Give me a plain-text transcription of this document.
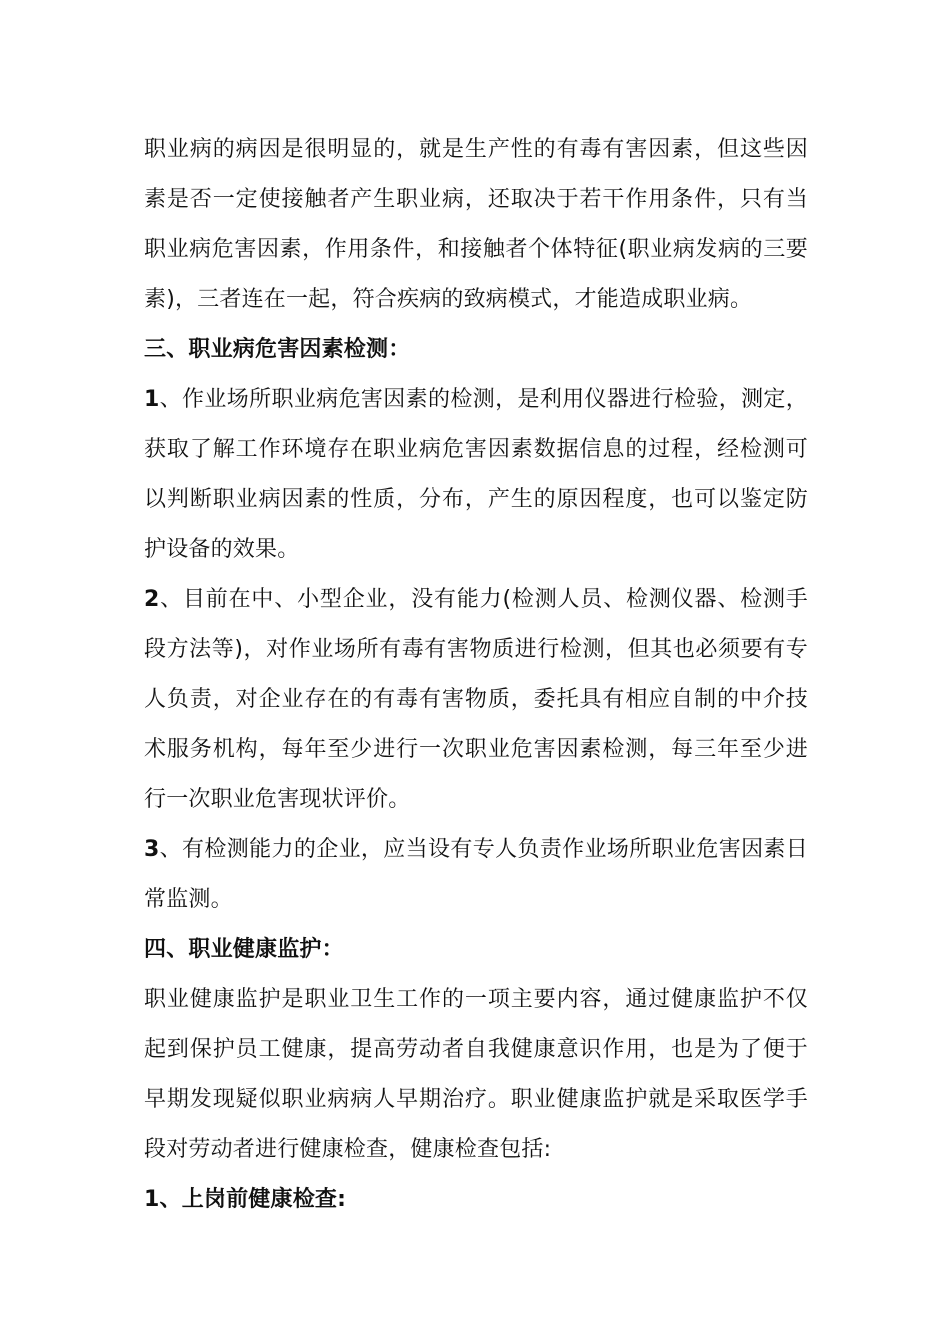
职业病的病因是很明显的，就是生产性的有毒有害因素，但这些因素是否一定使接触者产生职业病，还取决于若干作用条件，只有当职业病危害因素，作用条件，和接触者个体特征(职业病发病的三要素)，三者连在一起，符合疾病的致病模式，才能造成职业病。

三、职业病危害因素检测：

1、作业场所职业病危害因素的检测，是利用仪器进行检验，测定，获取了解工作环境存在职业病危害因素数据信息的过程，经检测可以判断职业病因素的性质，分布，产生的原因程度，也可以鉴定防护设备的效果。

2、目前在中、小型企业，没有能力(检测人员、检测仪器、检测手段方法等)，对作业场所有毒有害物质进行检测，但其也必须要有专人负责，对企业存在的有毒有害物质，委托具有相应自制的中介技术服务机构，每年至少进行一次职业危害因素检测，每三年至少进行一次职业危害现状评价。

3、有检测能力的企业，应当设有专人负责作业场所职业危害因素日常监测。

四、职业健康监护：

职业健康监护是职业卫生工作的一项主要内容，通过健康监护不仅起到保护员工健康，提高劳动者自我健康意识作用，也是为了便于早期发现疑似职业病病人早期治疗。职业健康监护就是采取医学手段对劳动者进行健康检查，健康检查包括:

1、上岗前健康检查:
